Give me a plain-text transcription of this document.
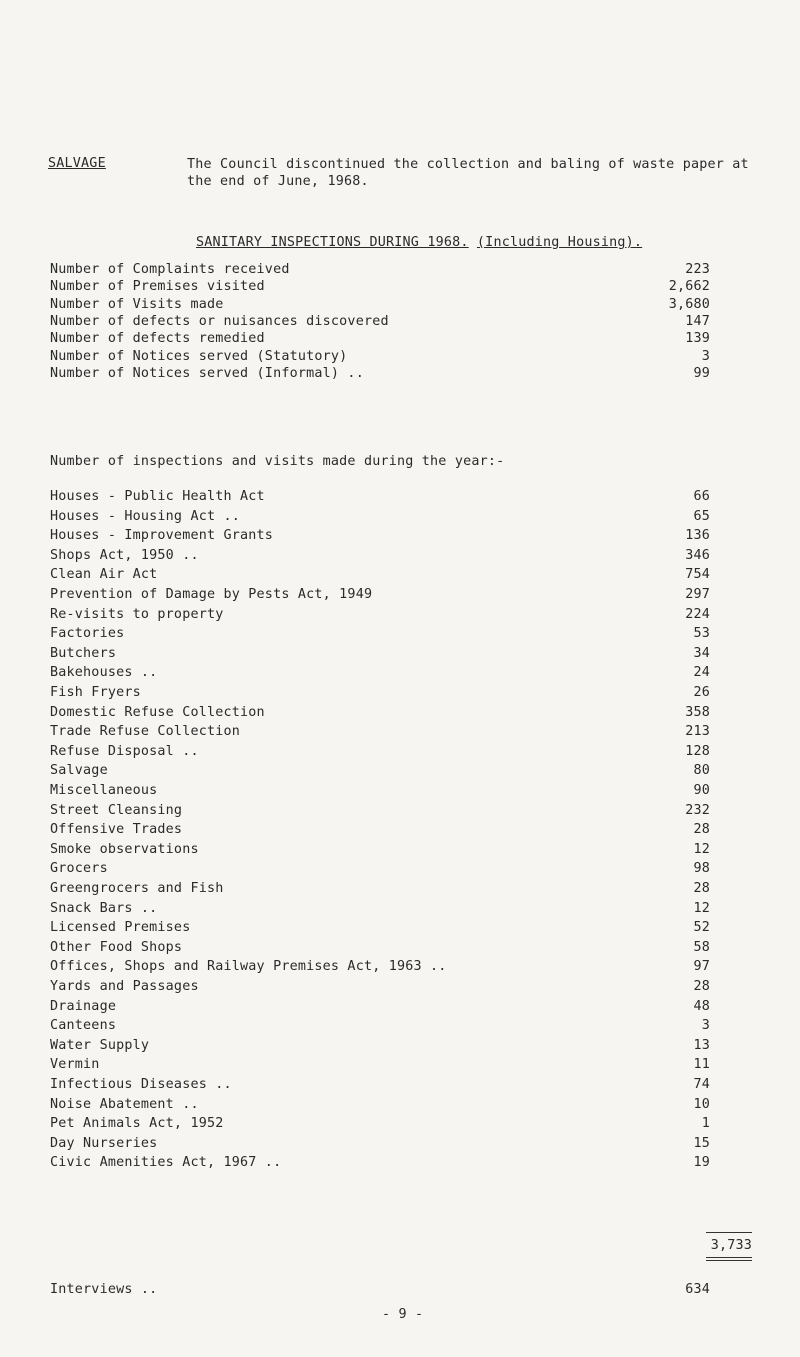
SALVAGE	The Council discontinued the collection and baling of waste paper at the end of June, 1968.
SANITARY INSPECTIONS DURING 1968. (Including Housing).
Number of Complaints received	223
Number of Premises visited	2,662
Number of Visits made	3,680
Number of defects or nuisances discovered	147
Number of defects remedied	139
Number of Notices served (Statutory)	3
Number of Notices served (Informal) ..	99
Number of inspections and visits made during the year:-
Houses - Public Health Act	66
Houses - Housing Act ..	65
Houses - Improvement Grants	136
Shops Act, 1950 ..	346
Clean Air Act	754
Prevention of Damage by Pests Act, 1949	297
Re-visits to property	224
Factories	53
Butchers	34
Bakehouses ..	24
Fish Fryers	26
Domestic Refuse Collection	358
Trade Refuse Collection	213
Refuse Disposal ..	128
Salvage	80
Miscellaneous	90
Street Cleansing	232
Offensive Trades	28
Smoke observations	12
Grocers	98
Greengrocers and Fish	28
Snack Bars ..	12
Licensed Premises	52
Other Food Shops	58
Offices, Shops and Railway Premises Act, 1963 ..	97
Yards and Passages	28
Drainage	48
Canteens	3
Water Supply	13
Vermin	11
Infectious Diseases ..	74
Noise Abatement ..	10
Pet Animals Act, 1952	1
Day Nurseries	15
Civic Amenities Act, 1967 ..	19
3,733
Interviews ..	634
- 9 -
